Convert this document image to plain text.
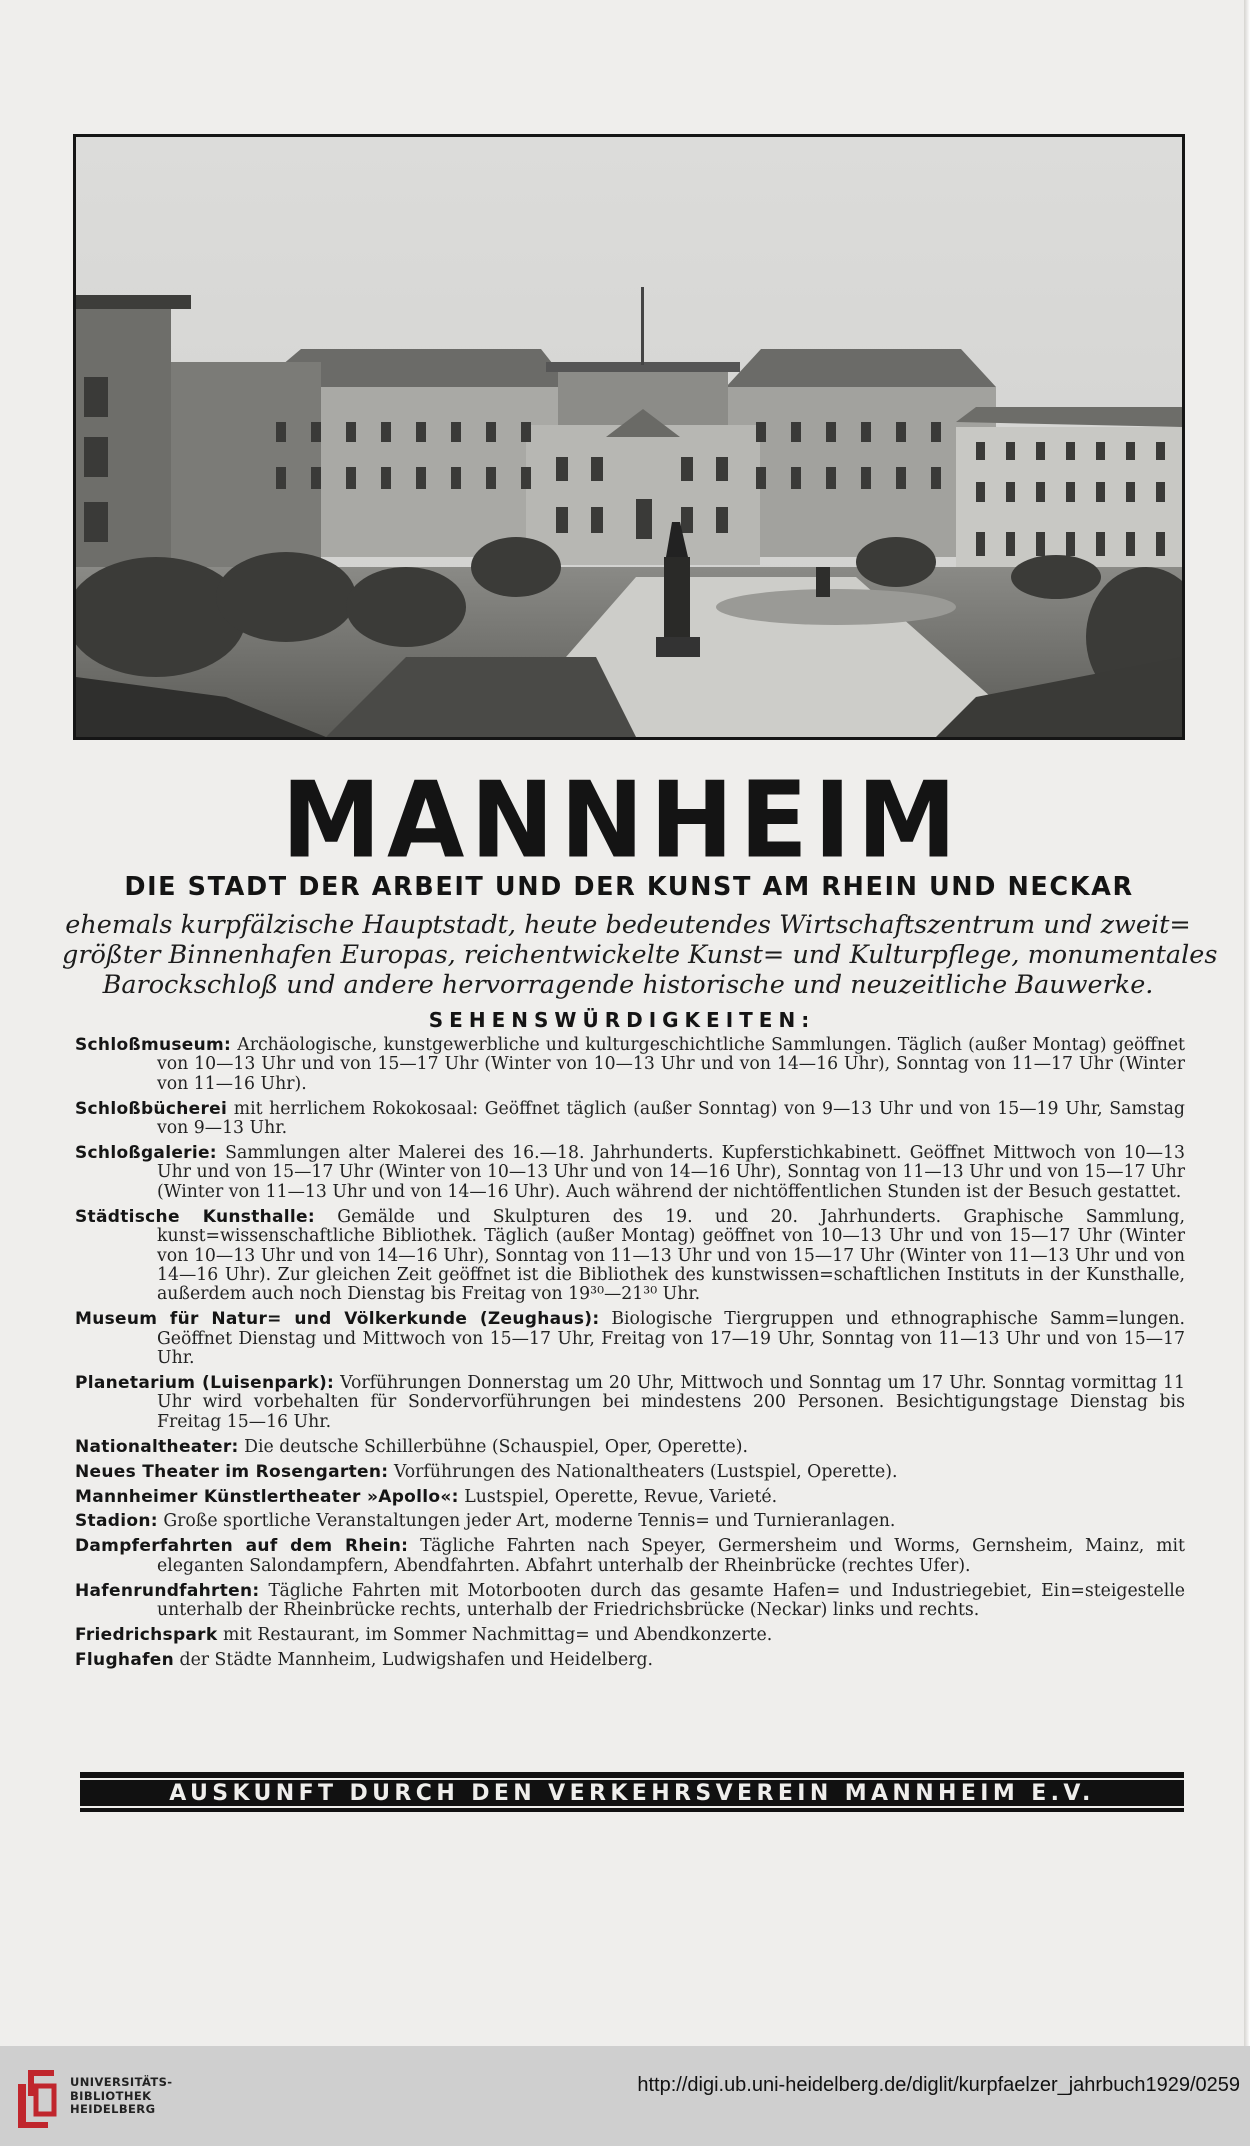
MANNHEIM
DIE STADT DER ARBEIT UND DER KUNST AM RHEIN UND NECKAR
ehemals kurpfälzische Hauptstadt, heute bedeutendes Wirtschaftszentrum und zweit=
größter Binnenhafen Europas, reichentwickelte Kunst= und Kulturpflege, monumentales
Barockschloß und andere hervorragende historische und neuzeitliche Bauwerke.
SEHENSWÜRDIGKEITEN:
Schloßmuseum: Archäologische, kunstgewerbliche und kulturgeschichtliche Sammlungen. Täglich (außer Montag) geöffnet von 10—13 Uhr und von 15—17 Uhr (Winter von 10—13 Uhr und von 14—16 Uhr), Sonntag von 11—17 Uhr (Winter von 11—16 Uhr).
Schloßbücherei mit herrlichem Rokokosaal: Geöffnet täglich (außer Sonntag) von 9—13 Uhr und von 15—19 Uhr, Samstag von 9—13 Uhr.
Schloßgalerie: Sammlungen alter Malerei des 16.—18. Jahrhunderts. Kupferstichkabinett. Geöffnet Mittwoch von 10—13 Uhr und von 15—17 Uhr (Winter von 10—13 Uhr und von 14—16 Uhr), Sonntag von 11—13 Uhr und von 15—17 Uhr (Winter von 11—13 Uhr und von 14—16 Uhr). Auch während der nichtöffentlichen Stunden ist der Besuch gestattet.
Städtische Kunsthalle: Gemälde und Skulpturen des 19. und 20. Jahrhunderts. Graphische Sammlung, kunst=wissenschaftliche Bibliothek. Täglich (außer Montag) geöffnet von 10—13 Uhr und von 15—17 Uhr (Winter von 10—13 Uhr und von 14—16 Uhr), Sonntag von 11—13 Uhr und von 15—17 Uhr (Winter von 11—13 Uhr und von 14—16 Uhr). Zur gleichen Zeit geöffnet ist die Bibliothek des kunstwissen=schaftlichen Instituts in der Kunsthalle, außerdem auch noch Dienstag bis Freitag von 19³⁰—21³⁰ Uhr.
Museum für Natur= und Völkerkunde (Zeughaus): Biologische Tiergruppen und ethnographische Samm=lungen. Geöffnet Dienstag und Mittwoch von 15—17 Uhr, Freitag von 17—19 Uhr, Sonntag von 11—13 Uhr und von 15—17 Uhr.
Planetarium (Luisenpark): Vorführungen Donnerstag um 20 Uhr, Mittwoch und Sonntag um 17 Uhr. Sonntag vormittag 11 Uhr wird vorbehalten für Sondervorführungen bei mindestens 200 Personen. Besichtigungstage Dienstag bis Freitag 15—16 Uhr.
Nationaltheater: Die deutsche Schillerbühne (Schauspiel, Oper, Operette).
Neues Theater im Rosengarten: Vorführungen des Nationaltheaters (Lustspiel, Operette).
Mannheimer Künstlertheater »Apollo«: Lustspiel, Operette, Revue, Varieté.
Stadion: Große sportliche Veranstaltungen jeder Art, moderne Tennis= und Turnieranlagen.
Dampferfahrten auf dem Rhein: Tägliche Fahrten nach Speyer, Germersheim und Worms, Gernsheim, Mainz, mit eleganten Salondampfern, Abendfahrten. Abfahrt unterhalb der Rheinbrücke (rechtes Ufer).
Hafenrundfahrten: Tägliche Fahrten mit Motorbooten durch das gesamte Hafen= und Industriegebiet, Ein=steigestelle unterhalb der Rheinbrücke rechts, unterhalb der Friedrichsbrücke (Neckar) links und rechts.
Friedrichspark mit Restaurant, im Sommer Nachmittag= und Abendkonzerte.
Flughafen der Städte Mannheim, Ludwigshafen und Heidelberg.
AUSKUNFT DURCH DEN VERKEHRSVEREIN MANNHEIM E.V.
UNIVERSITÄTS-
BIBLIOTHEK
HEIDELBERG
http://digi.ub.uni-heidelberg.de/diglit/kurpfaelzer_jahrbuch1929/0259
